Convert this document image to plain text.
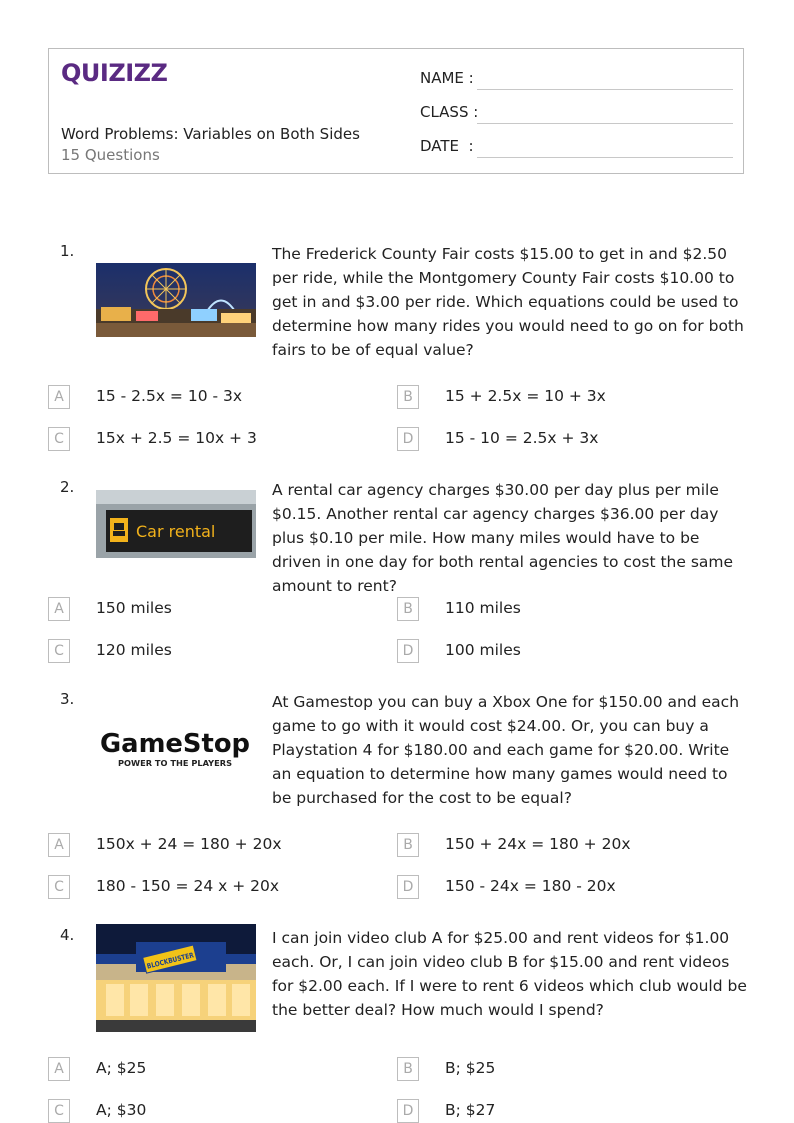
QUIZIZZ
Word Problems: Variables on Both Sides
15 Questions
NAME :
CLASS :
DATE  :
1.	The Frederick County Fair costs $15.00 to get in and $2.50 per ride, while the Montgomery County Fair costs $10.00 to get in and $3.00 per ride. Which equations could be used to determine how many rides you would need to go on for both fairs to be of equal value?
A	15 - 2.5x = 10 - 3x	B	15 + 2.5x = 10 + 3x
C	15x + 2.5 = 10x + 3	D	15 - 10 = 2.5x + 3x
2.
Car rental
A rental car agency charges $30.00 per day plus per mile $0.15. Another rental car agency charges $36.00 per day plus $0.10 per mile. How many miles would have to be driven in one day for both rental agencies to cost the same amount to rent?
A	150 miles	B	110 miles
C	120 miles	D	100 miles
3.
GameStop
POWER TO THE PLAYERS
At Gamestop you can buy a Xbox One for $150.00 and each game to go with it would cost $24.00. Or, you can buy a Playstation 4 for $180.00 and each game for $20.00. Write an equation to determine how many games would need to be purchased for the cost to be equal?
A	150x + 24 = 180 + 20x	B	150 + 24x = 180 + 20x
C	180 - 150 = 24 x + 20x	D	150 - 24x = 180 - 20x
4.
BLOCKBUSTER
I can join video club A for $25.00 and rent videos for $1.00 each. Or, I can join video club B for $15.00 and rent videos for $2.00 each. If I were to rent 6 videos which club would be the better deal? How much would I spend?
A	A; $25	B	B; $25
C	A; $30	D	B; $27
